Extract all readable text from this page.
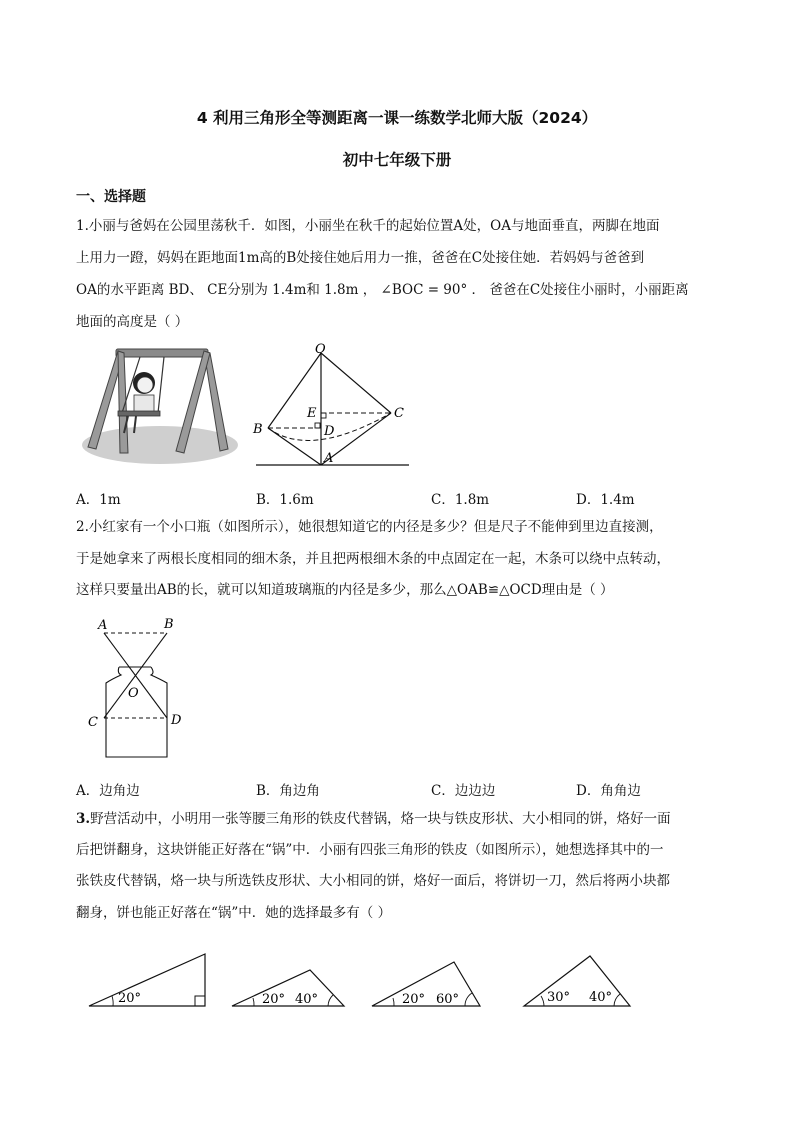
4 利用三角形全等测距离一课一练数学北师大版（2024）
初中七年级下册
一、选择题
1.小丽与爸妈在公园里荡秋千．如图，小丽坐在秋千的起始位置A处，OA与地面垂直，两脚在地面
上用力一蹬，妈妈在距地面1m高的B处接住她后用力一推，爸爸在C处接住她．若妈妈与爸爸到
OA的水平距离 BD、 CE分别为 1.4m和 1.8m ， ∠BOC = 90° ． 爸爸在C处接住小丽时，小丽距离
地面的高度是（ ）
O
E	C
B	D
A
A．1m	B．1.6m	C．1.8m	D．1.4m
2.小红家有一个小口瓶（如图所示），她很想知道它的内径是多少？但是尺子不能伸到里边直接测，
于是她拿来了两根长度相同的细木条，并且把两根细木条的中点固定在一起，木条可以绕中点转动，
这样只要量出AB的长，就可以知道玻璃瓶的内径是多少，那么△OAB≌△OCD理由是（ ）
A	B
O
C	D
A．边角边	B．角边角	C．边边边	D．角角边
3.野营活动中，小明用一张等腰三角形的铁皮代替锅，烙一块与铁皮形状、大小相同的饼，烙好一面
后把饼翻身，这块饼能正好落在“锅”中．小丽有四张三角形的铁皮（如图所示），她想选择其中的一
张铁皮代替锅，烙一块与所选铁皮形状、大小相同的饼，烙好一面后，将饼切一刀，然后将两小块都
翻身，饼也能正好落在“锅”中．她的选择最多有（ ）
20°	20° 40°	20° 60°	30° 40°
